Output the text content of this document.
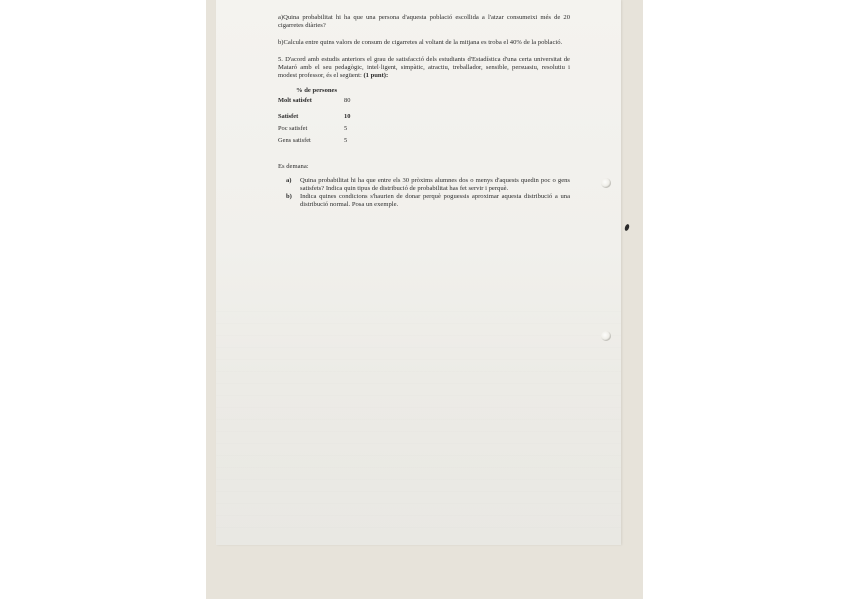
a)Quina probabilitat hi ha que una persona d'aquesta població escollida a l'atzar consumeixi més de 20 cigarretes diàries?

b)Calcula entre quins valors de consum de cigarretes al voltant de la mitjana es troba el 40% de la població.

5. D'acord amb estudis anteriors el grau de satisfacció dels estudiants d'Estadística d'una certa universitat de Mataró amb el seu pedagògic, intel·ligent, simpàtic, atractiu, treballador, sensible, persuasiu, resolutiu i modest professor, és el següent: (1 punt):

% de persones
Molt satisfet	80
Satisfet	10
Poc satisfet	5
Gens satisfet	5

Es demana:

a) Quina probabilitat hi ha que entre els 30 pròxims alumnes dos o menys d'aquests quedin poc o gens satisfets? Indica quin tipus de distribució de probabilitat has fet servir i perquè.
b) Indica quines condicions s'haurien de donar perquè poguessis aproximar aquesta distribució a una distribució normal. Posa un exemple.
